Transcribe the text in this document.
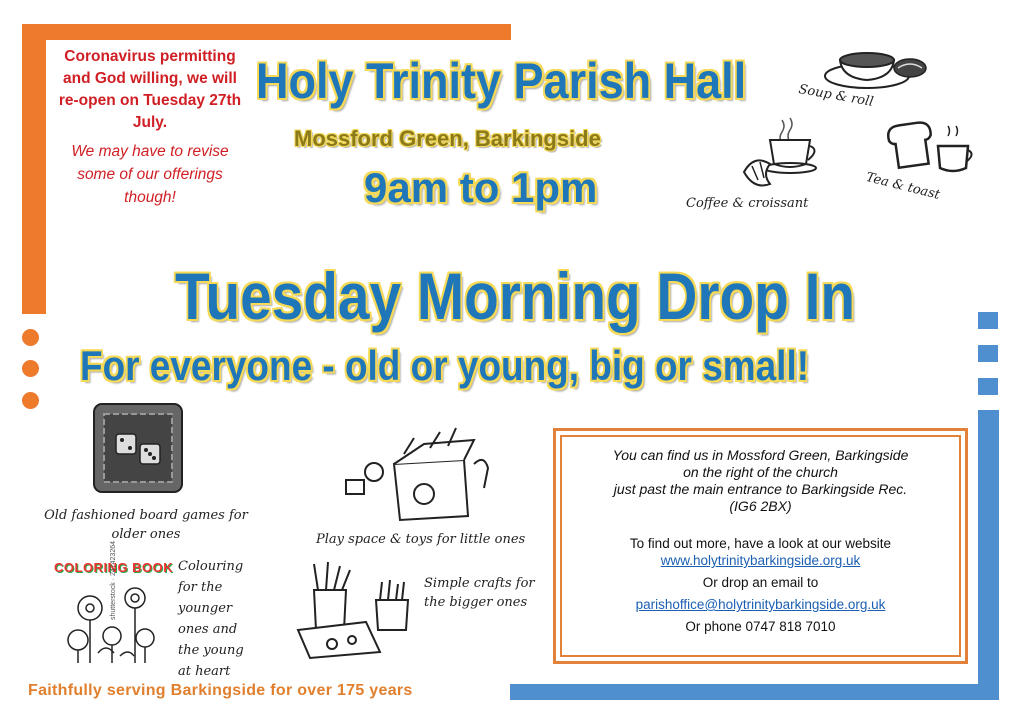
Coronavirus permitting and God willing, we will re-open on Tuesday 27th July.
We may have to revise some of our offerings though!
Holy Trinity Parish Hall
Mossford Green, Barkingside
9am to 1pm
Soup & roll
Coffee & croissant
Tea & toast
Tuesday Morning Drop In
For everyone - old or young, big or small!
Old fashioned board games for older ones	Play space & toys for little ones
COLORING BOOK
shutterstock · 247423264	Colouring for the younger ones and the young at heart
Simple crafts for the bigger ones
You can find us in Mossford Green, Barkingside
on the right of the church
just past the main entrance to Barkingside Rec.
(IG6 2BX)
To find out more, have a look at our website
www.holytrinitybarkingside.org.uk
Or drop an email to
parishoffice@holytrinitybarkingside.org.uk
Or phone 0747 818 7010
Faithfully serving Barkingside for over 175 years
